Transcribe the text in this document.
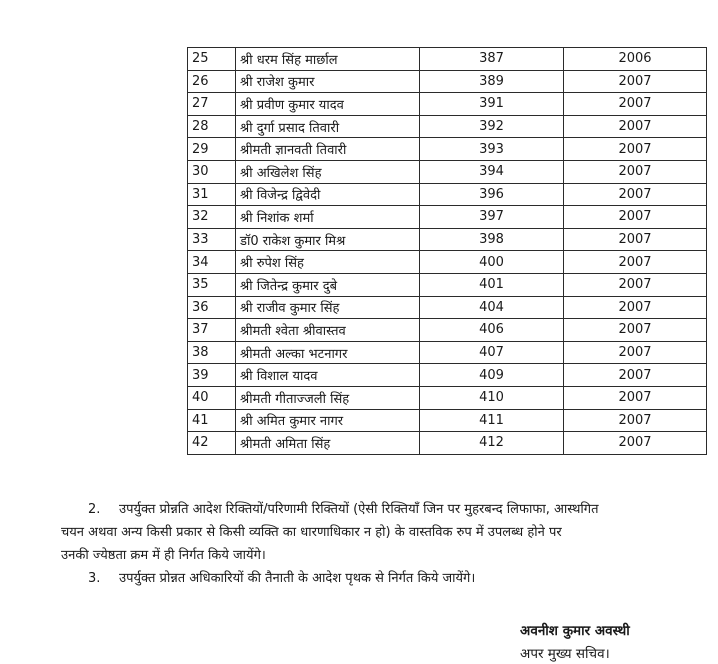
25	श्री धरम सिंह मार्छाल	387	2006
26	श्री राजेश कुमार	389	2007
27	श्री प्रवीण कुमार यादव	391	2007
28	श्री दुर्गा प्रसाद तिवारी	392	2007
29	श्रीमती ज्ञानवती तिवारी	393	2007
30	श्री अखिलेश सिंह	394	2007
31	श्री विजेन्द्र द्विवेदी	396	2007
32	श्री निशांक शर्मा	397	2007
33	डॉ0 राकेश कुमार मिश्र	398	2007
34	श्री रुपेश सिंह	400	2007
35	श्री जितेन्द्र कुमार दुबे	401	2007
36	श्री राजीव कुमार सिंह	404	2007
37	श्रीमती श्वेता श्रीवास्तव	406	2007
38	श्रीमती अल्का भटनागर	407	2007
39	श्री विशाल यादव	409	2007
40	श्रीमती गीताज्जली सिंह	410	2007
41	श्री अमित कुमार नागर	411	2007
42	श्रीमती अमिता सिंह	412	2007
2. उपर्युक्त प्रोन्नति आदेश रिक्तियों/परिणामी रिक्तियों (ऐसी रिक्तियाँ जिन पर मुहरबन्द लिफाफा, आस्थगित
चयन अथवा अन्य किसी प्रकार से किसी व्यक्ति का धारणाधिकार न हो) के वास्तविक रुप में उपलब्ध होने पर
उनकी ज्येष्ठता क्रम में ही निर्गत किये जायेंगे।
3. उपर्युक्त प्रोन्नत अधिकारियों की तैनाती के आदेश पृथक से निर्गत किये जायेंगे।
अवनीश कुमार अवस्थी
अपर मुख्य सचिव।
